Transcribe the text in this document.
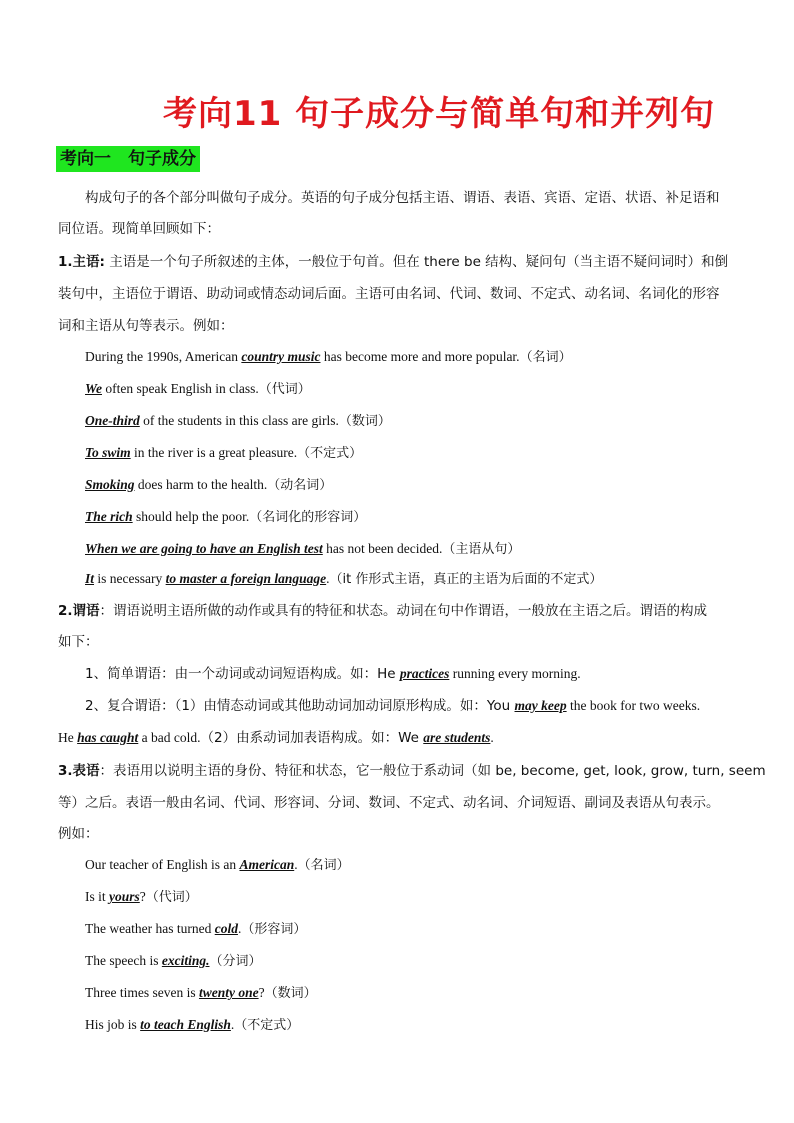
考向11 句子成分与简单句和并列句
考向一　句子成分
构成句子的各个部分叫做句子成分。英语的句子成分包括主语、谓语、表语、宾语、定语、状语、补足语和
同位语。现简单回顾如下：
1.主语: 主语是一个句子所叙述的主体，一般位于句首。但在 there be 结构、疑问句（当主语不疑问词时）和倒
装句中，主语位于谓语、助动词或情态动词后面。主语可由名词、代词、数词、不定式、动名词、名词化的形容
词和主语从句等表示。例如：
During the 1990s, American country music has become more and more popular.（名词）
We often speak English in class.（代词）
One-third of the students in this class are girls.（数词）
To swim in the river is a great pleasure.（不定式）
Smoking does harm to the health.（动名词）
The rich should help the poor.（名词化的形容词）
When we are going to have an English test has not been decided.（主语从句）
It is necessary to master a foreign language.（it 作形式主语，真正的主语为后面的不定式）
2.谓语：谓语说明主语所做的动作或具有的特征和状态。动词在句中作谓语，一般放在主语之后。谓语的构成
如下：
1、简单谓语：由一个动词或动词短语构成。如：He practices running every morning.
2、复合谓语：（1）由情态动词或其他助动词加动词原形构成。如：You may keep the book for two weeks.
He has caught a bad cold.（2）由系动词加表语构成。如：We are students.
3.表语：表语用以说明主语的身份、特征和状态，它一般位于系动词（如 be, become, get, look, grow, turn, seem
等）之后。表语一般由名词、代词、形容词、分词、数词、不定式、动名词、介词短语、副词及表语从句表示。
例如：
Our teacher of English is an American.（名词）
Is it yours?（代词）
The weather has turned cold.（形容词）
The speech is exciting.（分词）
Three times seven is twenty one?（数词）
His job is to teach English.（不定式）
